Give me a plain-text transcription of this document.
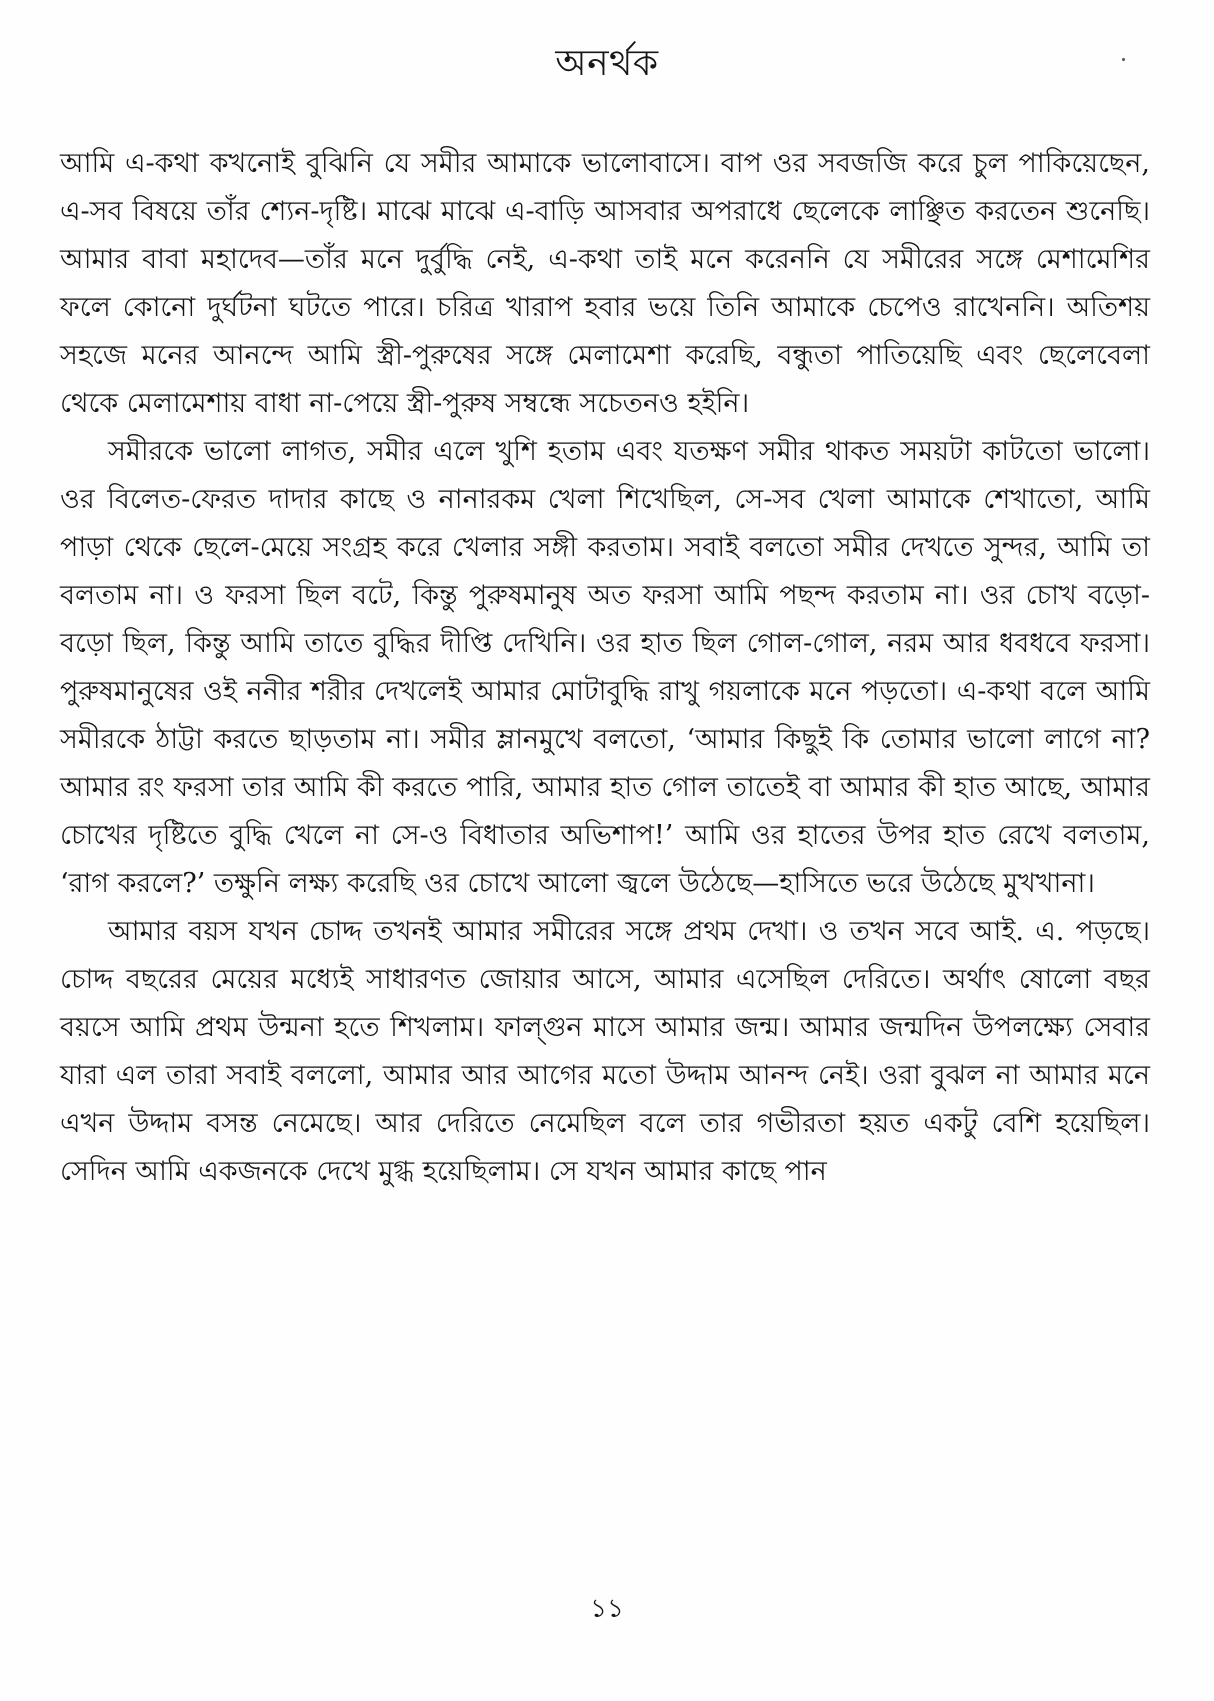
অনর্থক

আমি এ-কথা কখনোই বুঝিনি যে সমীর আমাকে ভালোবাসে। বাপ ওর সবজজি করে চুল পাকিয়েছেন, এ-সব বিষয়ে তাঁর শ্যেন-দৃষ্টি। মাঝে মাঝে এ-বাড়ি আসবার অপরাধে ছেলেকে লাঞ্ছিত করতেন শুনেছি। আমার বাবা মহাদেব—তাঁর মনে দুর্বুদ্ধি নেই, এ-কথা তাই মনে করেননি যে সমীরের সঙ্গে মেশামেশির ফলে কোনো দুর্ঘটনা ঘটতে পারে। চরিত্র খারাপ হবার ভয়ে তিনি আমাকে চেপেও রাখেননি। অতিশয় সহজে মনের আনন্দে আমি স্ত্রী-পুরুষের সঙ্গে মেলামেশা করেছি, বন্ধুতা পাতিয়েছি এবং ছেলেবেলা থেকে মেলামেশায় বাধা না-পেয়ে স্ত্রী-পুরুষ সম্বন্ধে সচেতনও হইনি।

সমীরকে ভালো লাগত, সমীর এলে খুশি হতাম এবং যতক্ষণ সমীর থাকত সময়টা কাটতো ভালো। ওর বিলেত-ফেরত দাদার কাছে ও নানারকম খেলা শিখেছিল, সে-সব খেলা আমাকে শেখাতো, আমি পাড়া থেকে ছেলে-মেয়ে সংগ্রহ করে খেলার সঙ্গী করতাম। সবাই বলতো সমীর দেখতে সুন্দর, আমি তা বলতাম না। ও ফরসা ছিল বটে, কিন্তু পুরুষমানুষ অত ফরসা আমি পছন্দ করতাম না। ওর চোখ বড়ো-বড়ো ছিল, কিন্তু আমি তাতে বুদ্ধির দীপ্তি দেখিনি। ওর হাত ছিল গোল-গোল, নরম আর ধবধবে ফরসা। পুরুষমানুষের ওই ননীর শরীর দেখলেই আমার মোটাবুদ্ধি রাখু গয়লাকে মনে পড়তো। এ-কথা বলে আমি সমীরকে ঠাট্টা করতে ছাড়তাম না। সমীর ম্লানমুখে বলতো, ‘আমার কিছুই কি তোমার ভালো লাগে না? আমার রং ফরসা তার আমি কী করতে পারি, আমার হাত গোল তাতেই বা আমার কী হাত আছে, আমার চোখের দৃষ্টিতে বুদ্ধি খেলে না সে-ও বিধাতার অভিশাপ!’ আমি ওর হাতের উপর হাত রেখে বলতাম, ‘রাগ করলে?’ তক্ষুনি লক্ষ্য করেছি ওর চোখে আলো জ্বলে উঠেছে—হাসিতে ভরে উঠেছে মুখখানা।

আমার বয়স যখন চোদ্দ তখনই আমার সমীরের সঙ্গে প্রথম দেখা। ও তখন সবে আই. এ. পড়ছে। চোদ্দ বছরের মেয়ের মধ্যেই সাধারণত জোয়ার আসে, আমার এসেছিল দেরিতে। অর্থাৎ ষোলো বছর বয়সে আমি প্রথম উন্মনা হতে শিখলাম। ফাল্গুন মাসে আমার জন্ম। আমার জন্মদিন উপলক্ষ্যে সেবার যারা এল তারা সবাই বললো, আমার আর আগের মতো উদ্দাম আনন্দ নেই। ওরা বুঝল না আমার মনে এখন উদ্দাম বসন্ত নেমেছে। আর দেরিতে নেমেছিল বলে তার গভীরতা হয়ত একটু বেশি হয়েছিল। সেদিন আমি একজনকে দেখে মুগ্ধ হয়েছিলাম। সে যখন আমার কাছে পান

১১
